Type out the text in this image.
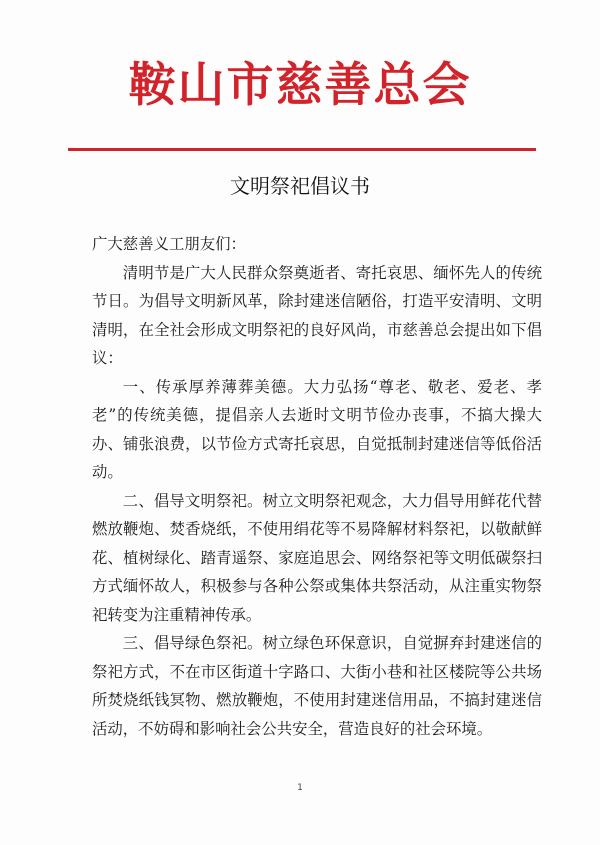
鞍山市慈善总会
文明祭祀倡议书

广大慈善义工朋友们：

清明节是广大人民群众祭奠逝者、寄托哀思、缅怀先人的传统节日。为倡导文明新风革，除封建迷信陋俗，打造平安清明、文明清明，在全社会形成文明祭祀的良好风尚，市慈善总会提出如下倡议：

一、传承厚养薄葬美德。大力弘扬“尊老、敬老、爱老、孝老”的传统美德，提倡亲人去逝时文明节俭办丧事，不搞大操大办、铺张浪费，以节俭方式寄托哀思，自觉抵制封建迷信等低俗活动。

二、倡导文明祭祀。树立文明祭祀观念，大力倡导用鲜花代替燃放鞭炮、焚香烧纸，不使用绢花等不易降解材料祭祀，以敬献鲜花、植树绿化、踏青遥祭、家庭追思会、网络祭祀等文明低碳祭扫方式缅怀故人，积极参与各种公祭或集体共祭活动，从注重实物祭祀转变为注重精神传承。

三、倡导绿色祭祀。树立绿色环保意识，自觉摒弃封建迷信的祭祀方式，不在市区街道十字路口、大街小巷和社区楼院等公共场所焚烧纸钱冥物、燃放鞭炮，不使用封建迷信用品，不搞封建迷信活动，不妨碍和影响社会公共安全，营造良好的社会环境。

1
